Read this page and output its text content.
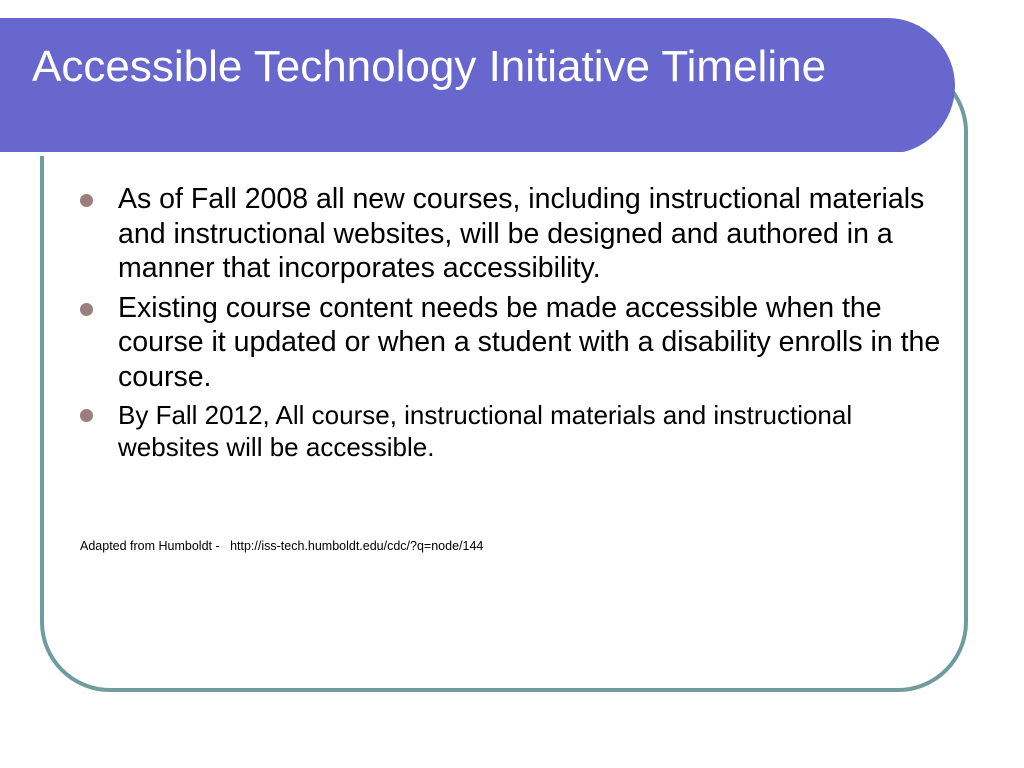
Accessible Technology Initiative Timeline
As of Fall 2008 all new courses, including instructional materials and instructional websites, will be designed and authored in a manner that incorporates accessibility.
Existing course content needs be made accessible when the course it updated or when a student with a disability enrolls in the course.
By Fall 2012, All course, instructional materials and instructional websites will be accessible.
Adapted from Humboldt -   http://iss-tech.humboldt.edu/cdc/?q=node/144
